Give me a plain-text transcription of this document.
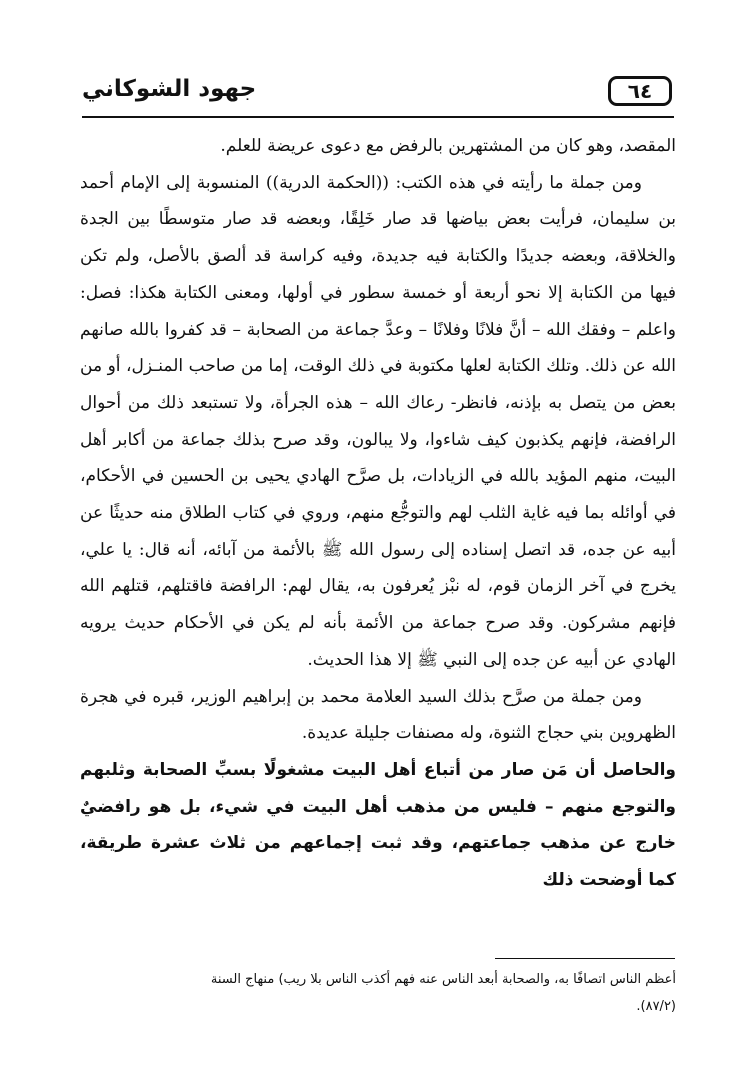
٦٤
جهود الشوكاني

المقصد، وهو كان من المشتهرين بالرفض مع دعوى عريضة للعلم.

ومن جملة ما رأيته في هذه الكتب: ((الحكمة الدرية)) المنسوبة إلى الإمام أحمد بن سليمان، فرأيت بعض بياضها قد صار خَلِقًا، وبعضه قد صار متوسطًا بين الجدة والخلاقة، وبعضه جديدًا والكتابة فيه جديدة، وفيه كراسة قد ألصق بالأصل، ولم تكن فيها من الكتابة إلا نحو أربعة أو خمسة سطور في أولها، ومعنى الكتابة هكذا: فصل: واعلم – وفقك الله – أنَّ فلانًا وفلانًا – وعدَّ جماعة من الصحابة – قد كفروا بالله صانهم الله عن ذلك. وتلك الكتابة لعلها مكتوبة في ذلك الوقت، إما من صاحب المنـزل، أو من بعض من يتصل به بإذنه، فانظر- رعاك الله – هذه الجرأة، ولا تستبعد ذلك من أحوال الرافضة، فإنهم يكذبون كيف شاءوا، ولا يبالون، وقد صرح بذلك جماعة من أكابر أهل البيت، منهم المؤيد بالله في الزيادات، بل صرَّح الهادي يحيى بن الحسين في الأحكام، في أوائله بما فيه غاية الثلب لهم والتوجُّع منهم، وروي في كتاب الطلاق منه حديثًا عن أبيه عن جده، قد اتصل إسناده إلى رسول الله ﷺ بالأئمة من آبائه، أنه قال: يا علي، يخرج في آخر الزمان قوم، له نبْز يُعرفون به، يقال لهم: الرافضة فاقتلهم، قتلهم الله فإنهم مشركون. وقد صرح جماعة من الأئمة بأنه لم يكن في الأحكام حديث يرويه الهادي عن أبيه عن جده إلى النبي ﷺ إلا هذا الحديث.

ومن جملة من صرَّح بذلك السيد العلامة محمد بن إبراهيم الوزير، قبره في هجرة الظهروين بني حجاج الثنوة، وله مصنفات جليلة عديدة.

والحاصل أن مَن صار من أتباع أهل البيت مشغولًا بسبِّ الصحابة وثلبهم والتوجع منهم – فليس من مذهب أهل البيت في شيء، بل هو رافضيٌ خارج عن مذهب جماعتهم، وقد ثبت إجماعهم من ثلاث عشرة طريقة، كما أوضحت ذلك

أعظم الناس اتصافًا به، والصحابة أبعد الناس عنه فهم أكذب الناس بلا ريب) منهاج السنة

(٨٧/٢).
